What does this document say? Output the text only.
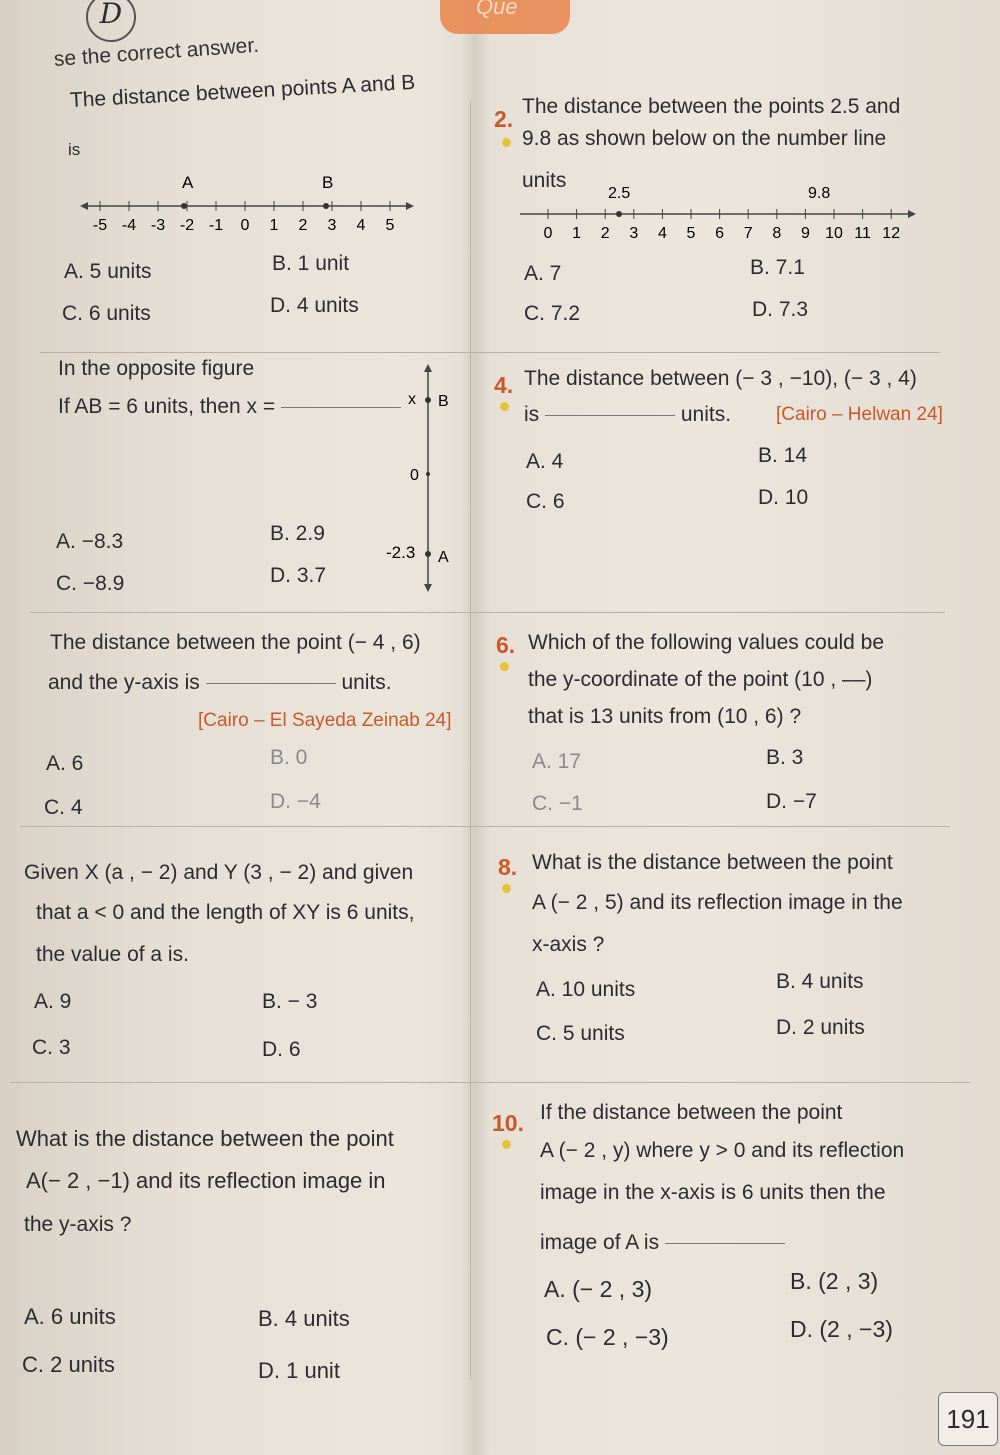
Que
D
se the correct answer.
The distance between points A and B
is
-5 -4 -3 -2 -1 0 1 2 3 4 5
A	B
A. 5 units	B. 1 unit
C. 6 units	D. 4 units
2. The distance between the points 2.5 and
9.8 as shown below on the number line
units
0 1 2 3 4 5 6 7 8 9 10 11 12
2.5	9.8
A. 7	B. 7.1
C. 7.2	D. 7.3
In the opposite figure
If AB = 6 units, then x =	x B
0
-2.3 A
A. −8.3	B. 2.9
C. −8.9	D. 3.7
4. The distance between (− 3 , −10), (− 3 , 4)
is	units. [Cairo – Helwan 24]
A. 4	B. 14
C. 6	D. 10
The distance between the point (− 4 , 6)
and the y-axis is	units.
[Cairo – El Sayeda Zeinab 24]
A. 6	B. 0
C. 4	D. −4
6. Which of the following values could be
the y-coordinate of the point (10 , ––)
that is 13 units from (10 , 6) ?
A. 17	B. 3
C. −1	D. −7
Given X (a , − 2) and Y (3 , − 2) and given
that a < 0 and the length of XY is 6 units,
the value of a is.
A. 9	B. − 3
C. 3	D. 6
8. What is the distance between the point
A (− 2 , 5) and its reflection image in the
x-axis ?
A. 10 units	B. 4 units
C. 5 units	D. 2 units
What is the distance between the point
A(− 2 , −1) and its reflection image in
the y-axis ?
A. 6 units	B. 4 units
C. 2 units	D. 1 unit
10. If the distance between the point
A (− 2 , y) where y > 0 and its reflection
image in the x-axis is 6 units then the
image of A is
A. (− 2 , 3)	B. (2 , 3)
C. (− 2 , −3)	D. (2 , −3)
191
